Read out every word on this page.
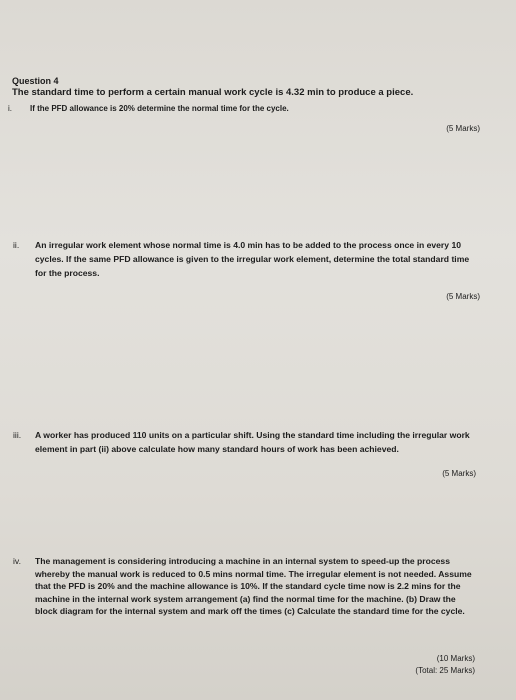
Question 4
The standard time to perform a certain manual work cycle is 4.32 min to produce a piece.
i. If the PFD allowance is 20% determine the normal time for the cycle.
(5 Marks)
ii. An irregular work element whose normal time is 4.0 min has to be added to the process once in every 10 cycles. If the same PFD allowance is given to the irregular work element, determine the total standard time for the process.
(5 Marks)
iii. A worker has produced 110 units on a particular shift. Using the standard time including the irregular work element in part (ii) above calculate how many standard hours of work has been achieved.
(5 Marks)
iv. The management is considering introducing a machine in an internal system to speed-up the process whereby the manual work is reduced to 0.5 mins normal time. The irregular element is not needed. Assume that the PFD is 20% and the machine allowance is 10%. If the standard cycle time now is 2.2 mins for the machine in the internal work system arrangement (a) find the normal time for the machine. (b) Draw the block diagram for the internal system and mark off the times (c) Calculate the standard time for the cycle.
(10 Marks)
(Total: 25 Marks)
